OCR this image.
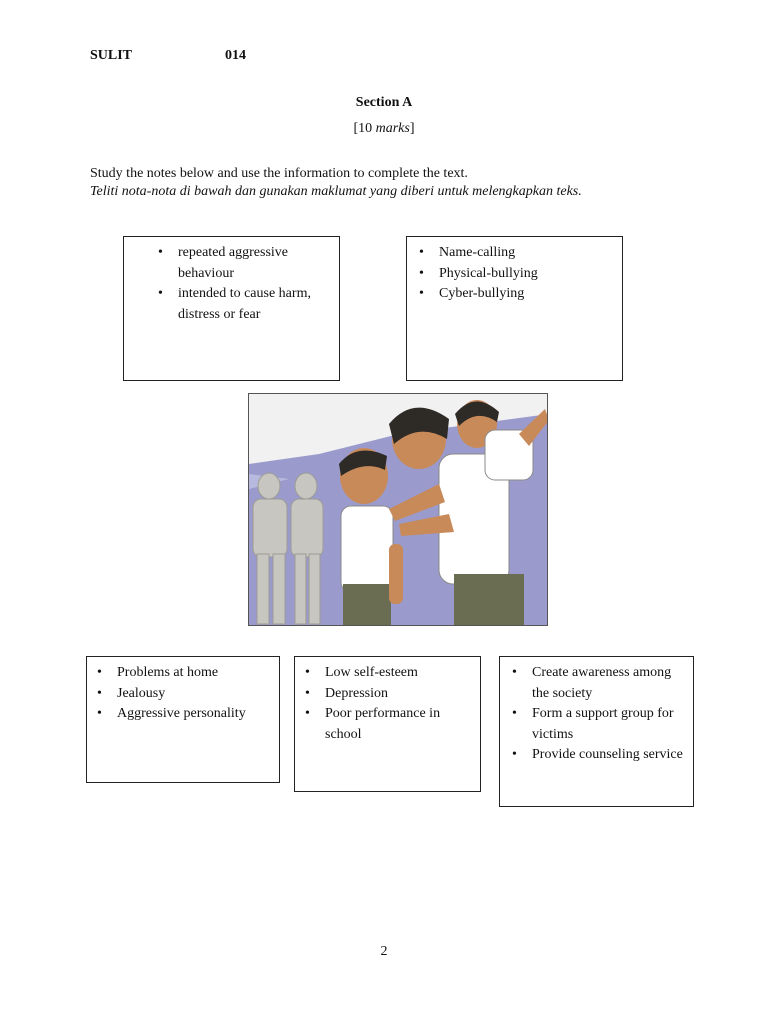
SULIT	014
Section A
[10 marks]
Study the notes below and use the information to complete the text.
Teliti nota-nota di bawah dan gunakan maklumat yang diberi untuk melengkapkan teks.
• repeated aggressive behaviour
• intended to cause harm, distress or fear
• Name-calling
• Physical-bullying
• Cyber-bullying
• Problems at home
• Jealousy
• Aggressive personality
• Low self-esteem
• Depression
• Poor performance in school
• Create awareness among the society
• Form a support group for victims
• Provide counseling service
2
